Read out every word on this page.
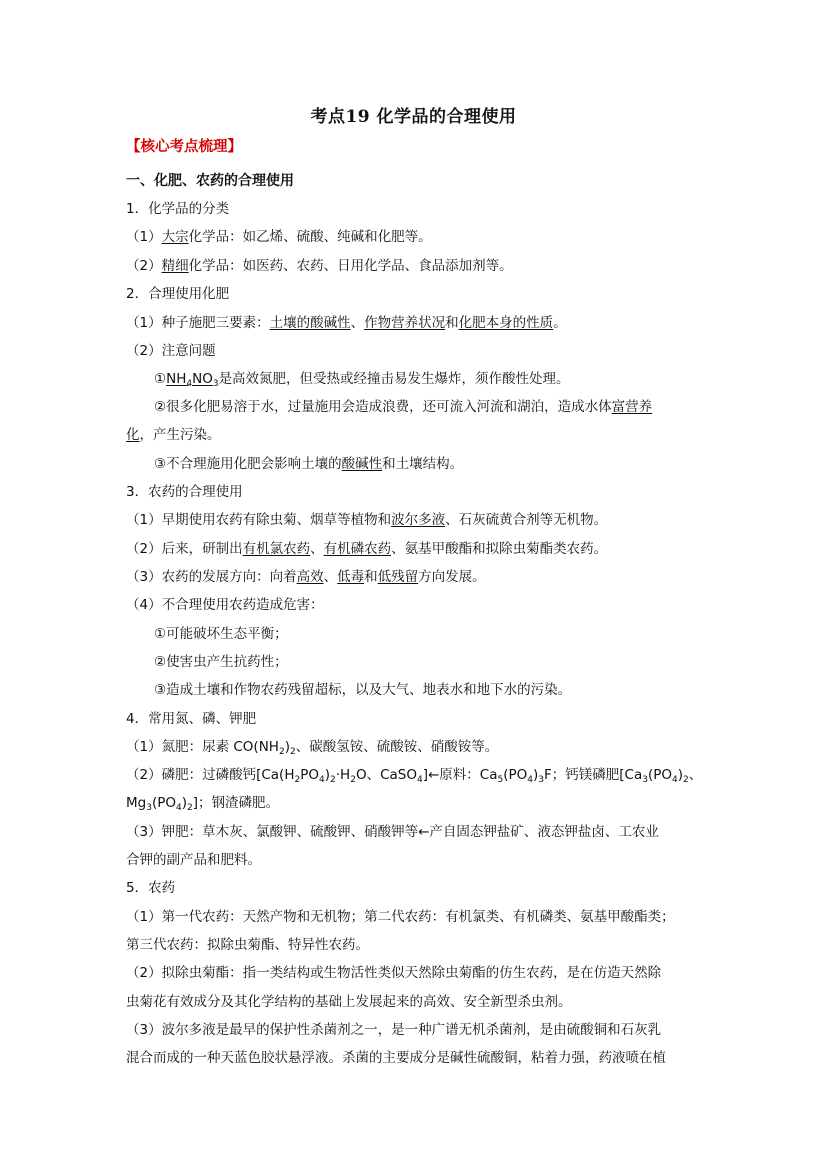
考点19 化学品的合理使用
【核心考点梳理】
一、化肥、农药的合理使用
1．化学品的分类
（1）大宗化学品：如乙烯、硫酸、纯碱和化肥等。
（2）精细化学品：如医药、农药、日用化学品、食品添加剂等。
2．合理使用化肥
（1）种子施肥三要素：土壤的酸碱性、作物营养状况和化肥本身的性质。
（2）注意问题
$①NH_4NO_3$是高效氮肥，但受热或经撞击易发生爆炸，须作酸性处理。
②很多化肥易溶于水，过量施用会造成浪费，还可流入河流和湖泊，造成水体富营养
化，产生污染。
③不合理施用化肥会影响土壤的酸碱性和土壤结构。
3．农药的合理使用
（1）早期使用农药有除虫菊、烟草等植物和波尔多液、石灰硫黄合剂等无机物。
（2）后来，研制出有机氯农药、有机磷农药、氨基甲酸酯和拟除虫菊酯类农药。
（3）农药的发展方向：向着高效、低毒和低残留方向发展。
（4）不合理使用农药造成危害：
①可能破坏生态平衡；
②使害虫产生抗药性；
③造成土壤和作物农药残留超标，以及大气、地表水和地下水的污染。
4．常用氮、磷、钾肥
（1）氮肥：尿素 $CO(NH_2)_2$、碳酸氢铵、硫酸铵、硝酸铵等。
（2）磷肥：过磷酸钙[$Ca(H_2PO_4)_2\cdot H_2O$、CaSO$_4$]←原料：$Ca_5(PO_4)_3F$；钙镁磷肥[$Ca_3(PO_4)_2$、
$Mg_3(PO_4)_2$]；钢渣磷肥。
（3）钾肥：草木灰、氯酸钾、硫酸钾、硝酸钾等←产自固态钾盐矿、液态钾盐卤、工农业
合钾的副产品和肥料。
5．农药
（1）第一代农药：天然产物和无机物；第二代农药：有机氯类、有机磷类、氨基甲酸酯类；
第三代农药：拟除虫菊酯、特异性农药。
（2）拟除虫菊酯：指一类结构或生物活性类似天然除虫菊酯的仿生农药，是在仿造天然除
虫菊花有效成分及其化学结构的基础上发展起来的高效、安全新型杀虫剂。
（3）波尔多液是最早的保护性杀菌剂之一，是一种广谱无机杀菌剂，是由硫酸铜和石灰乳
混合而成的一种天蓝色胶状悬浮液。杀菌的主要成分是碱性硫酸铜，粘着力强，药液喷在植
